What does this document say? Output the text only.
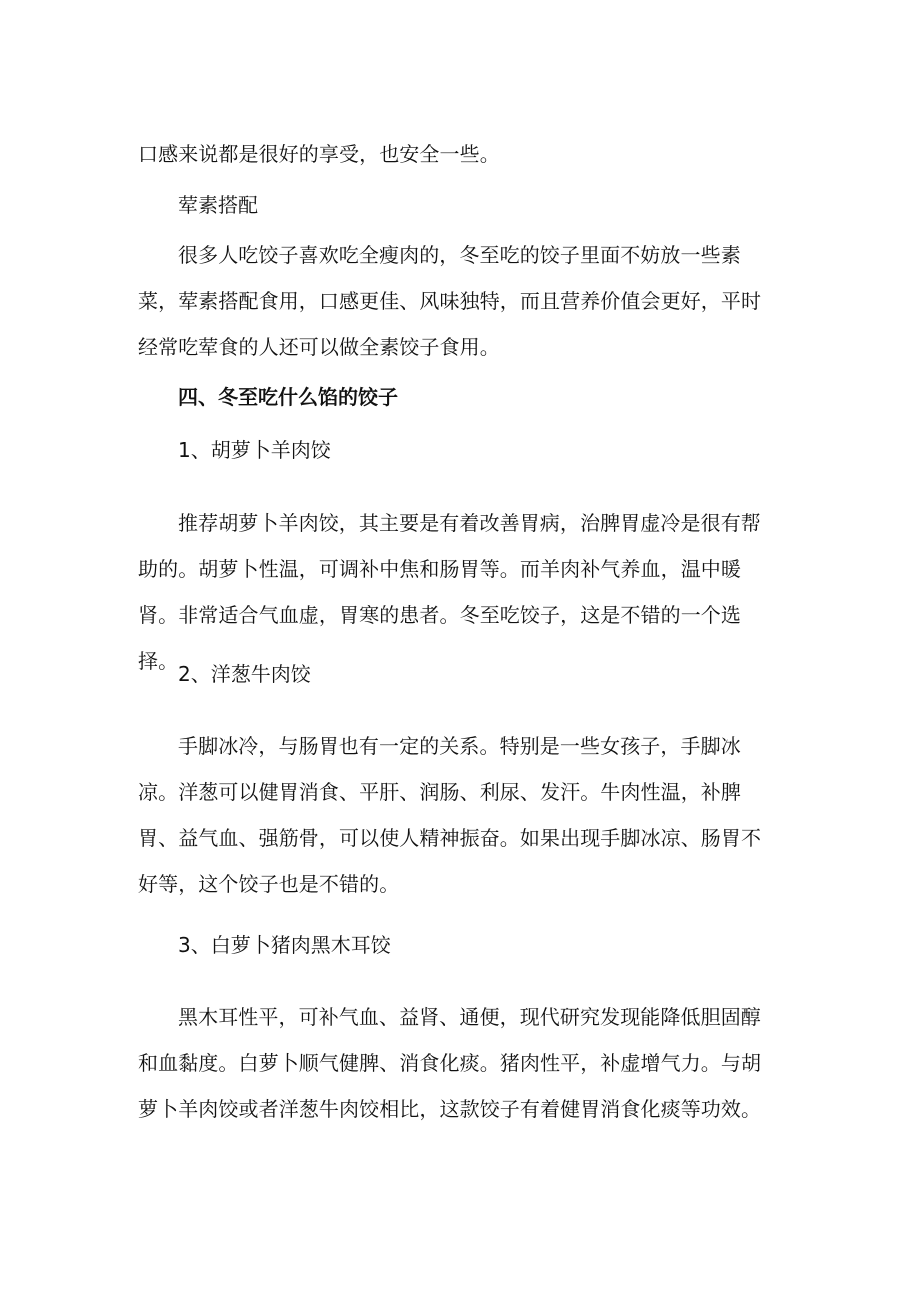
口感来说都是很好的享受，也安全一些。

荤素搭配

很多人吃饺子喜欢吃全瘦肉的，冬至吃的饺子里面不妨放一些素菜，荤素搭配食用，口感更佳、风味独特，而且营养价值会更好，平时经常吃荤食的人还可以做全素饺子食用。

四、冬至吃什么馅的饺子

1、胡萝卜羊肉饺

推荐胡萝卜羊肉饺，其主要是有着改善胃病，治脾胃虚冷是很有帮助的。胡萝卜性温，可调补中焦和肠胃等。而羊肉补气养血，温中暖肾。非常适合气血虚，胃寒的患者。冬至吃饺子，这是不错的一个选择。

2、洋葱牛肉饺

手脚冰冷，与肠胃也有一定的关系。特别是一些女孩子，手脚冰凉。洋葱可以健胃消食、平肝、润肠、利尿、发汗。牛肉性温，补脾胃、益气血、强筋骨，可以使人精神振奋。如果出现手脚冰凉、肠胃不好等，这个饺子也是不错的。

3、白萝卜猪肉黑木耳饺

黑木耳性平，可补气血、益肾、通便，现代研究发现能降低胆固醇和血黏度。白萝卜顺气健脾、消食化痰。猪肉性平，补虚增气力。与胡萝卜羊肉饺或者洋葱牛肉饺相比，这款饺子有着健胃消食化痰等功效。
